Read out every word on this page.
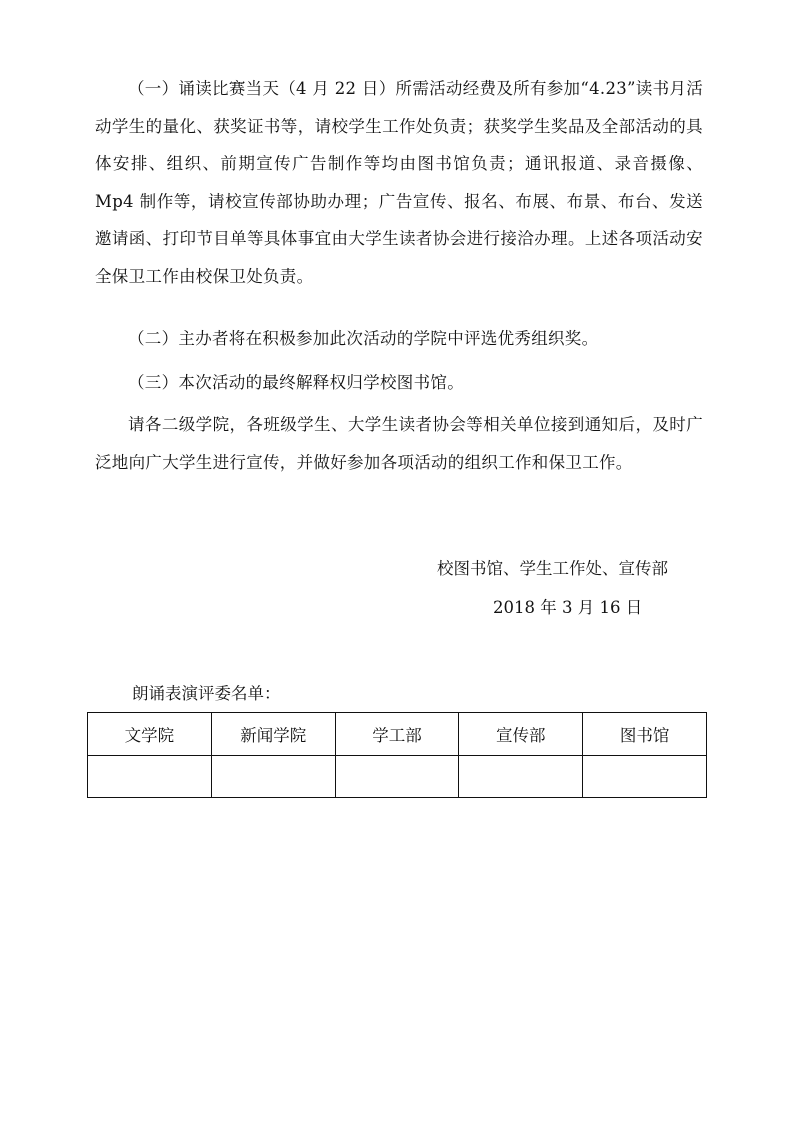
（一）诵读比赛当天（4 月 22 日）所需活动经费及所有参加“4.23”读书月活动学生的量化、获奖证书等，请校学生工作处负责；获奖学生奖品及全部活动的具体安排、组织、前期宣传广告制作等均由图书馆负责；通讯报道、录音摄像、Mp4 制作等，请校宣传部协助办理；广告宣传、报名、布展、布景、布台、发送邀请函、打印节目单等具体事宜由大学生读者协会进行接洽办理。上述各项活动安全保卫工作由校保卫处负责。

（二）主办者将在积极参加此次活动的学院中评选优秀组织奖。

（三）本次活动的最终解释权归学校图书馆。

请各二级学院，各班级学生、大学生读者协会等相关单位接到通知后，及时广泛地向广大学生进行宣传，并做好参加各项活动的组织工作和保卫工作。

校图书馆、学生工作处、宣传部

2018 年 3 月 16 日

朗诵表演评委名单：

文学院	新闻学院	学工部	宣传部	图书馆
